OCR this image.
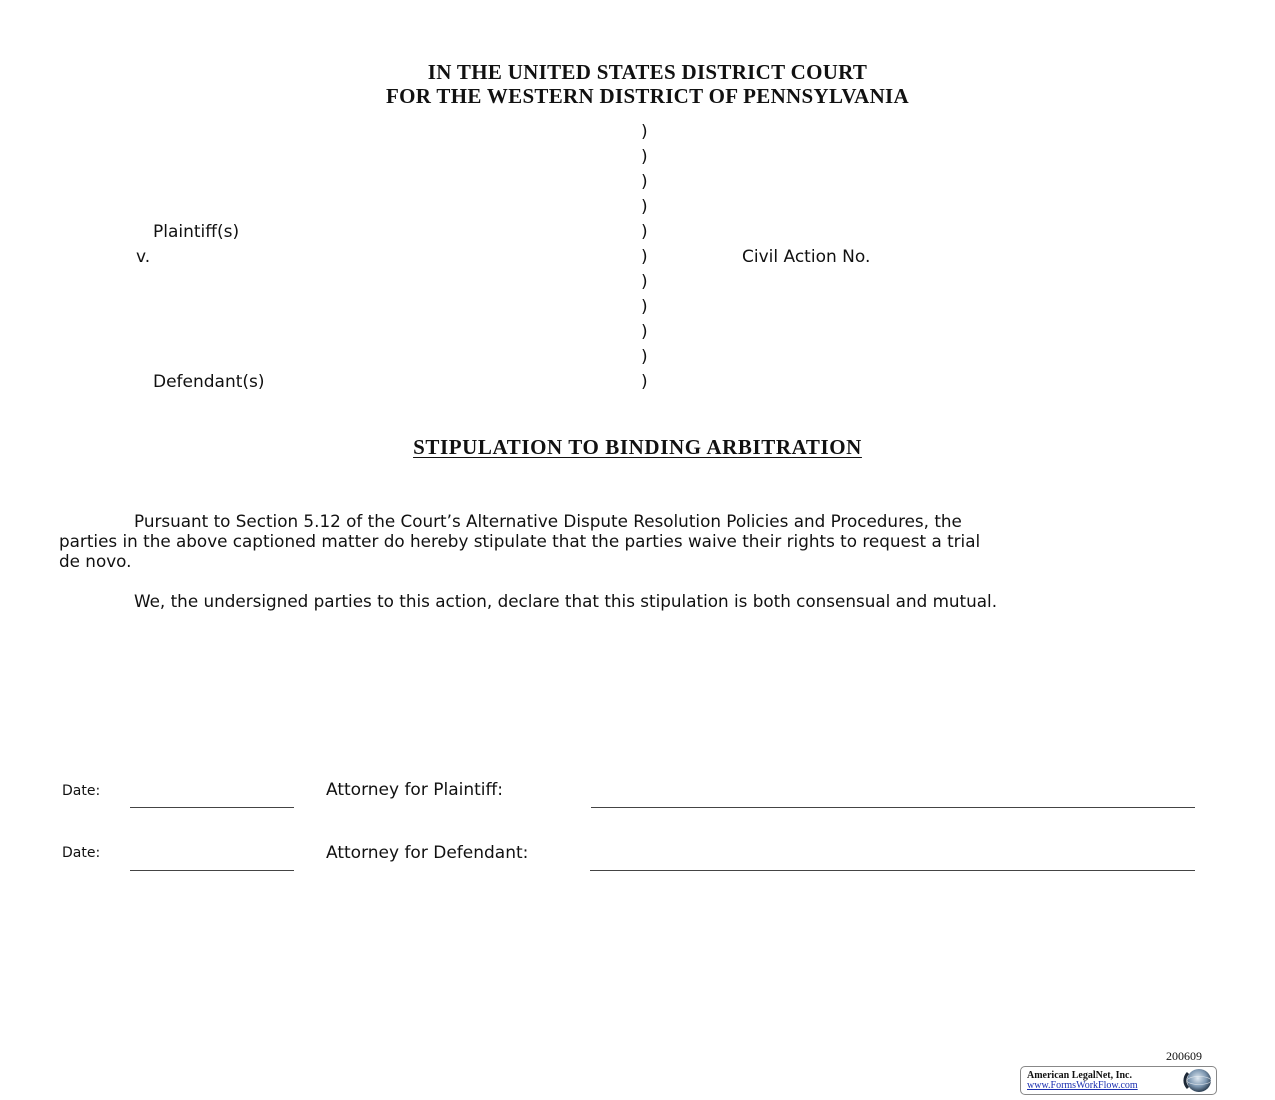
IN THE UNITED STATES DISTRICT COURT
FOR THE WESTERN DISTRICT OF PENNSYLVANIA
)
)
)
)
)
)
)
)
)
)
)
Plaintiff(s)
v.
Defendant(s)
Civil Action No.
STIPULATION TO BINDING ARBITRATION
Pursuant to Section 5.12 of the Court’s Alternative Dispute Resolution Policies and Procedures, the
parties in the above captioned matter do hereby stipulate that the parties waive their rights to request a trial
de novo.
We, the undersigned parties to this action, declare that this stipulation is both consensual and mutual.
Date:	Attorney for Plaintiff:
Date:	Attorney for Defendant:
200609
American LegalNet, Inc.
www.FormsWorkFlow.com
